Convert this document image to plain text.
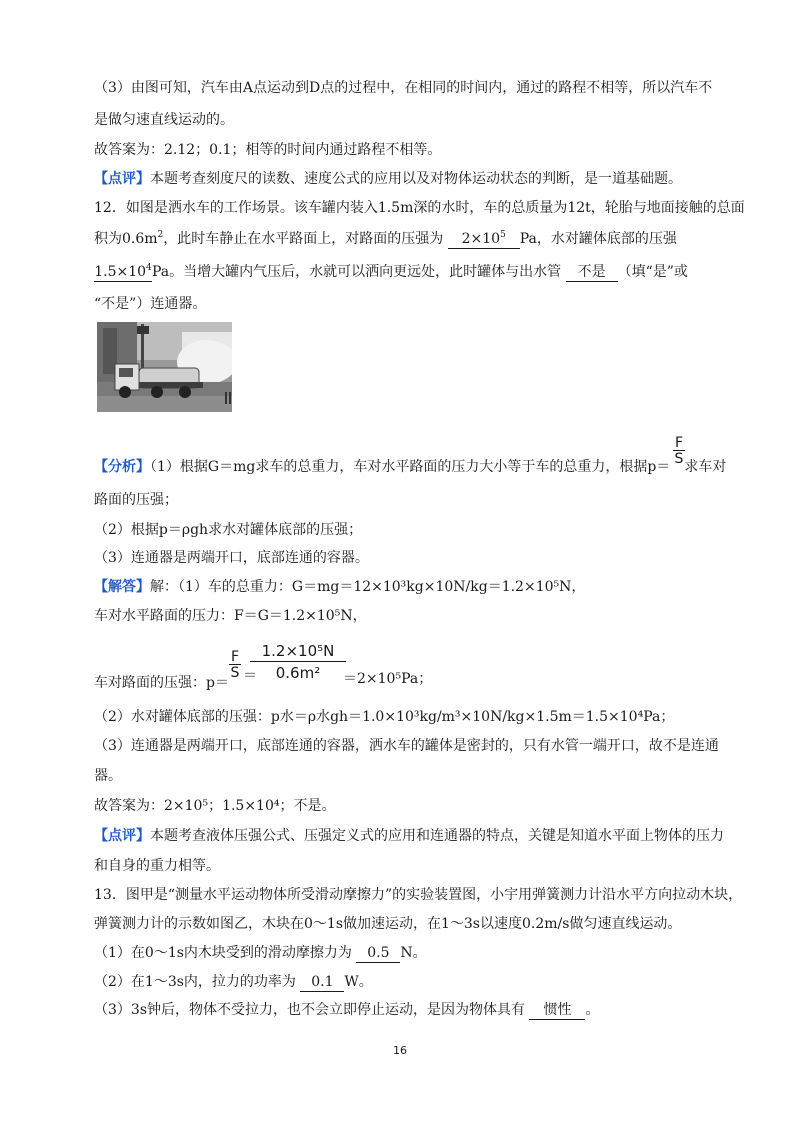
（3）由图可知，汽车由A点运动到D点的过程中，在相同的时间内，通过的路程不相等，所以汽车不
是做匀速直线运动的。
故答案为：2.12；0.1；相等的时间内通过路程不相等。
【点评】本题考查刻度尺的读数、速度公式的应用以及对物体运动状态的判断，是一道基础题。
12．如图是洒水车的工作场景。该车罐内装入1.5m深的水时，车的总质量为12t，轮胎与地面接触的总面
积为$0.6m^2$，此时车静止在水平路面上，对路面的压强为 $2\times 10^5$ Pa，水对罐体底部的压强
$1.5\times 10^4Pa$。当增大罐内气压后，水就可以洒向更远处，此时罐体与出水管 不是 （填“是”或
“不是”）连通器。
【分析】（1）根据G＝mg求车的总重力，车对水平路面的压力大小等于车的总重力，根据p＝ 求车对
F
S
路面的压强；
（2）根据p＝ρgh求水对罐体底部的压强；
（3）连通器是两端开口，底部连通的容器。
【解答】解：（1）车的总重力：G＝mg＝12×10³kg×10N/kg＝1.2×10⁵N，
车对水平路面的压力：F＝G＝1.2×10⁵N，
车对路面的压强：p＝
F
S ＝
1.2×10⁵N
0.6m²	＝2×10⁵Pa；
（2）水对罐体底部的压强：p水＝ρ水gh＝1.0×10³kg/m³×10N/kg×1.5m＝1.5×10⁴Pa；
（3）连通器是两端开口，底部连通的容器，洒水车的罐体是密封的，只有水管一端开口，故不是连通
器。
故答案为：2×10⁵；1.5×10⁴；不是。
【点评】本题考查液体压强公式、压强定义式的应用和连通器的特点，关键是知道水平面上物体的压力
和自身的重力相等。
13．图甲是“测量水平运动物体所受滑动摩擦力”的实验装置图，小宇用弹簧测力计沿水平方向拉动木块，
弹簧测力计的示数如图乙，木块在0～1s做加速运动，在1～3s以速度0.2m/s做匀速直线运动。
（1）在0～1s内木块受到的滑动摩擦力为 0.5 N。
（2）在1～3s内，拉力的功率为 0.1 W。
（3）3s钟后，物体不受拉力，也不会立即停止运动，是因为物体具有 惯性 。
16
